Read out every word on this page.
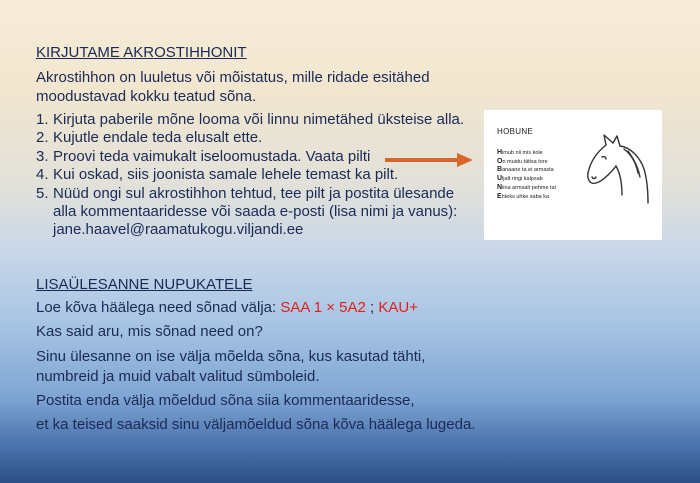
KIRJUTAME AKROSTIHHONIT
Akrostihhon on luuletus või mõistatus, mille ridade esitähed
moodustavad kokku teatud sõna.
1. Kirjuta paberile mõne looma või linnu nimetähed üksteise alla.
2. Kujutle endale teda elusalt ette.
3. Proovi teda vaimukalt iseloomustada. Vaata pilti
4. Kui oskad, siis joonista samale lehele temast ka pilt.
5. Nüüd ongi sul akrostihhon tehtud, tee pilt ja postita ülesande
alla kommentaaridesse või saada e-posti (lisa nimi ja vanus):
jane.haavel@raamatukogu.viljandi.ee
HOBUNE
Himub nii mis kole
On muidu täitsa tore
Banaane ta ei armasta
Uljalt ringi kalpsab
Niina armsalt pehme tal
Ehteks uhke saba ka
LISAÜLESANNE NUPUKATELE
Loe kõva häälega need sõnad välja: SAA 1 × 5A2 ; KAU+
Kas said aru, mis sõnad need on?
Sinu ülesanne on ise välja mõelda sõna, kus kasutad tähti,
numbreid ja muid vabalt valitud sümboleid.
Postita enda välja mõeldud sõna siia kommentaaridesse,
et ka teised saaksid sinu väljamõeldud sõna kõva häälega lugeda.
